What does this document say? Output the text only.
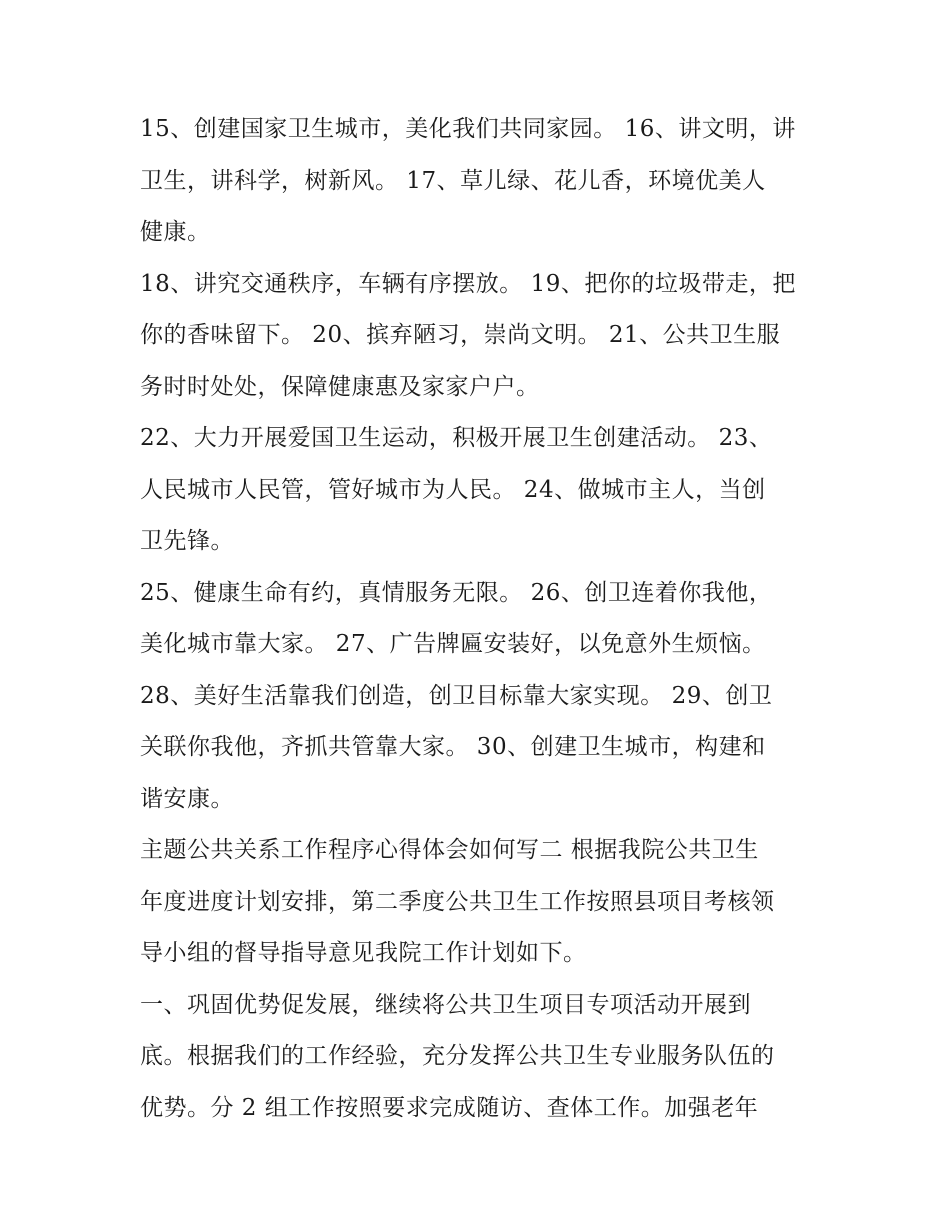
15、创建国家卫生城市，美化我们共同家园。 16、讲文明，讲
卫生，讲科学，树新风。 17、草儿绿、花儿香，环境优美人
健康。

18、讲究交通秩序，车辆有序摆放。 19、把你的垃圾带走，把
你的香味留下。 20、摈弃陋习，崇尚文明。 21、公共卫生服
务时时处处，保障健康惠及家家户户。

22、大力开展爱国卫生运动，积极开展卫生创建活动。 23、
人民城市人民管，管好城市为人民。 24、做城市主人，当创
卫先锋。

25、健康生命有约，真情服务无限。 26、创卫连着你我他，
美化城市靠大家。 27、广告牌匾安装好，以免意外生烦恼。

28、美好生活靠我们创造，创卫目标靠大家实现。 29、创卫
关联你我他，齐抓共管靠大家。 30、创建卫生城市，构建和
谐安康。

主题公共关系工作程序心得体会如何写二 根据我院公共卫生
年度进度计划安排，第二季度公共卫生工作按照县项目考核领
导小组的督导指导意见我院工作计划如下。

一、巩固优势促发展，继续将公共卫生项目专项活动开展到
底。根据我们的工作经验，充分发挥公共卫生专业服务队伍的
优势。分 2 组工作按照要求完成随访、查体工作。加强老年
